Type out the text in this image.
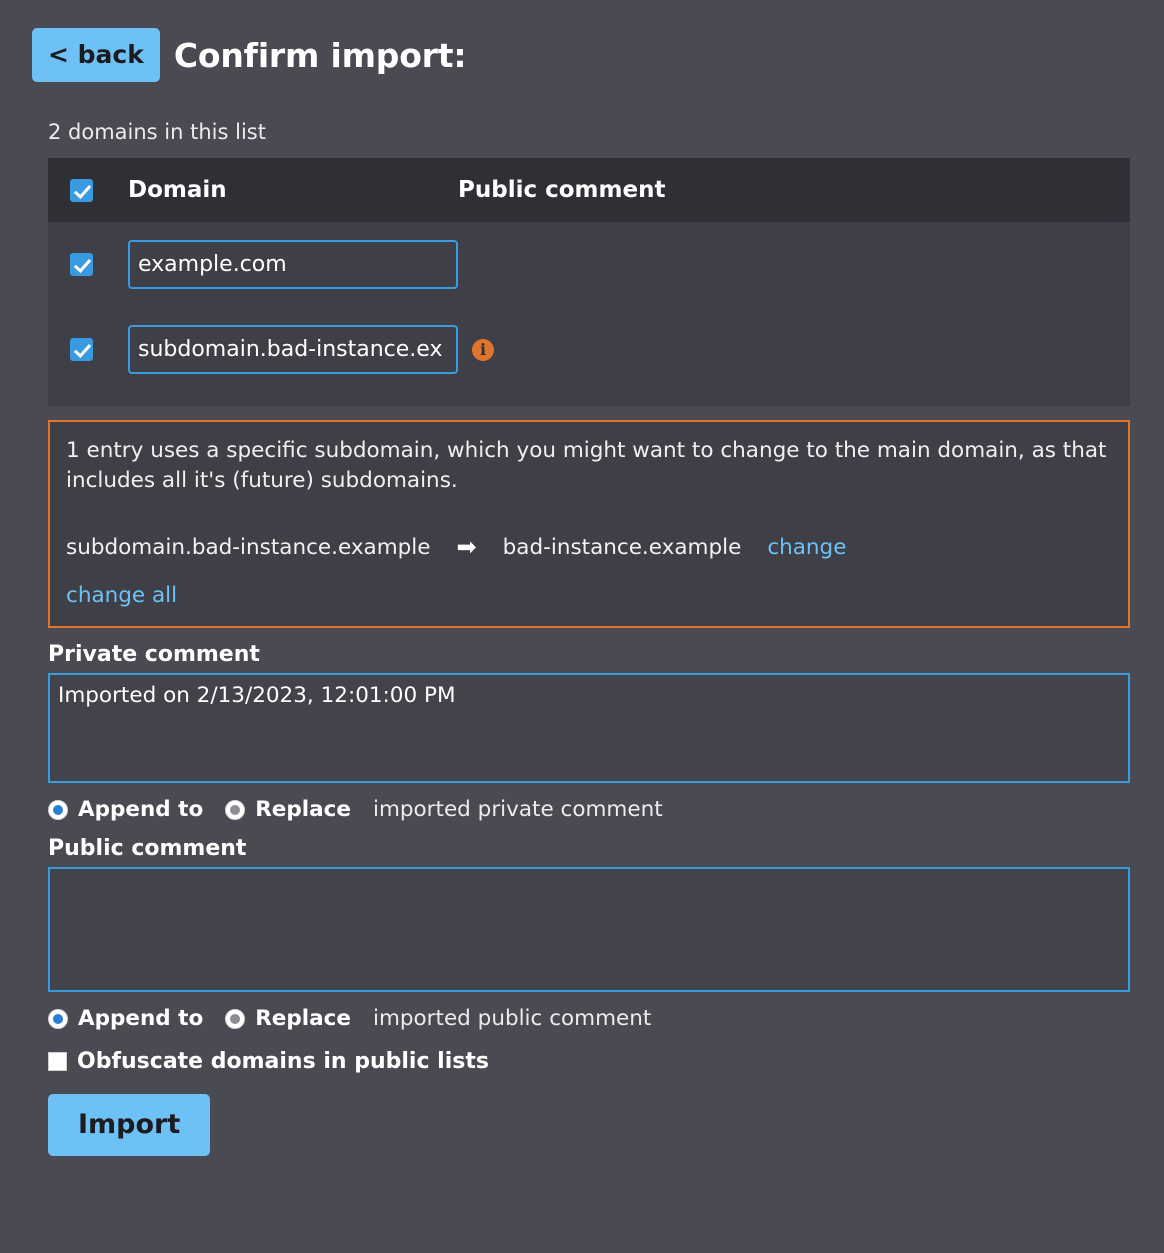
< back Confirm import:
2 domains in this list
Domain	Public comment
example.com
subdomain.bad-instance.ex
i
1 entry uses a specific subdomain, which you might want to change to the main domain, as that includes all it's (future) subdomains.
subdomain.bad-instance.example ➡ bad-instance.example change
change all
Private comment
Imported on 2/13/2023, 12:01:00 PM
Append to Replace imported private comment
Public comment
Append to Replace imported public comment
Obfuscate domains in public lists
Import
